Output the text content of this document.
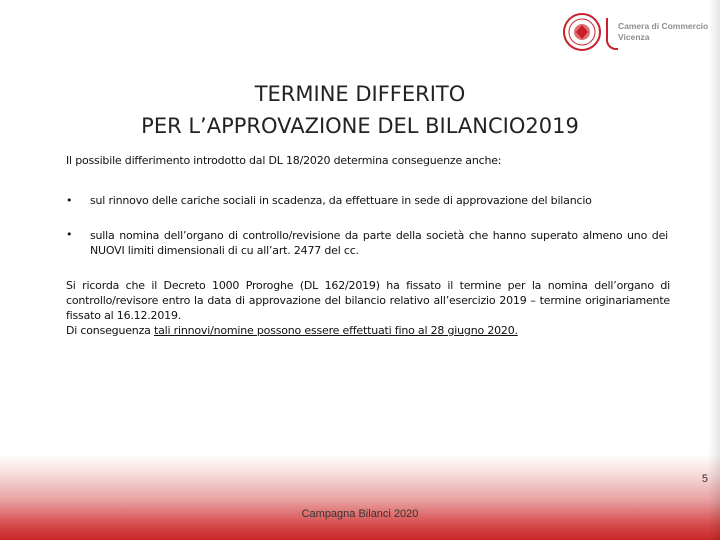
Camera di Commercio
Vicenza
TERMINE DIFFERITO
PER L’APPROVAZIONE DEL BILANCIO2019
Il possibile differimento introdotto dal DL 18/2020 determina conseguenze anche:
• sul rinnovo delle cariche sociali in scadenza, da effettuare in sede di approvazione del bilancio
• sulla nomina dell’organo di controllo/revisione da parte della società che hanno superato almeno uno dei NUOVI limiti dimensionali di cu all’art. 2477 del cc.
Si ricorda che il Decreto 1000 Proroghe (DL 162/2019) ha fissato il termine per la nomina dell’organo di controllo/revisore entro la data di approvazione del bilancio relativo all’esercizio 2019 – termine originariamente fissato al 16.12.2019.
Di conseguenza tali rinnovi/nomine possono essere effettuati fino al 28 giugno 2020.
5
Campagna Bilanci 2020
